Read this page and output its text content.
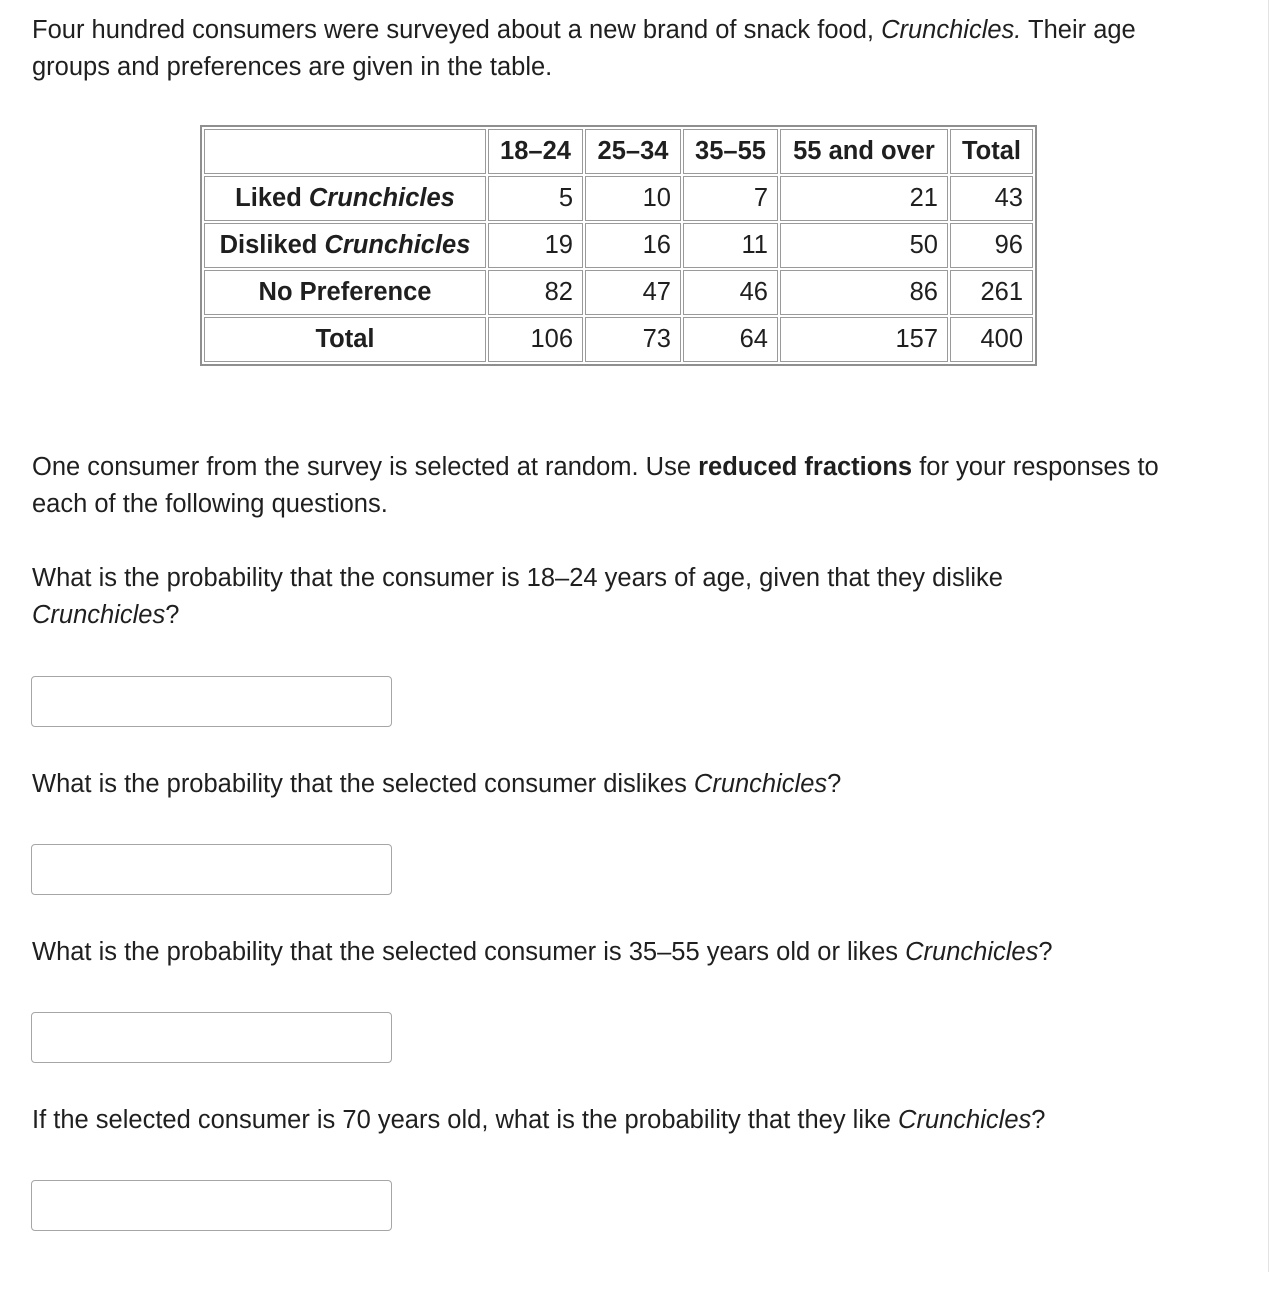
Four hundred consumers were surveyed about a new brand of snack food, Crunchicles. Their age groups and preferences are given in the table.

	18–24	25–34	35–55	55 and over	Total
Liked Crunchicles	5	10	7	21	43
Disliked Crunchicles	19	16	11	50	96
No Preference	82	47	46	86	261
Total	106	73	64	157	400

One consumer from the survey is selected at random. Use reduced fractions for your responses to each of the following questions.

What is the probability that the consumer is 18–24 years of age, given that they dislike Crunchicles?

What is the probability that the selected consumer dislikes Crunchicles?

What is the probability that the selected consumer is 35–55 years old or likes Crunchicles?

If the selected consumer is 70 years old, what is the probability that they like Crunchicles?
